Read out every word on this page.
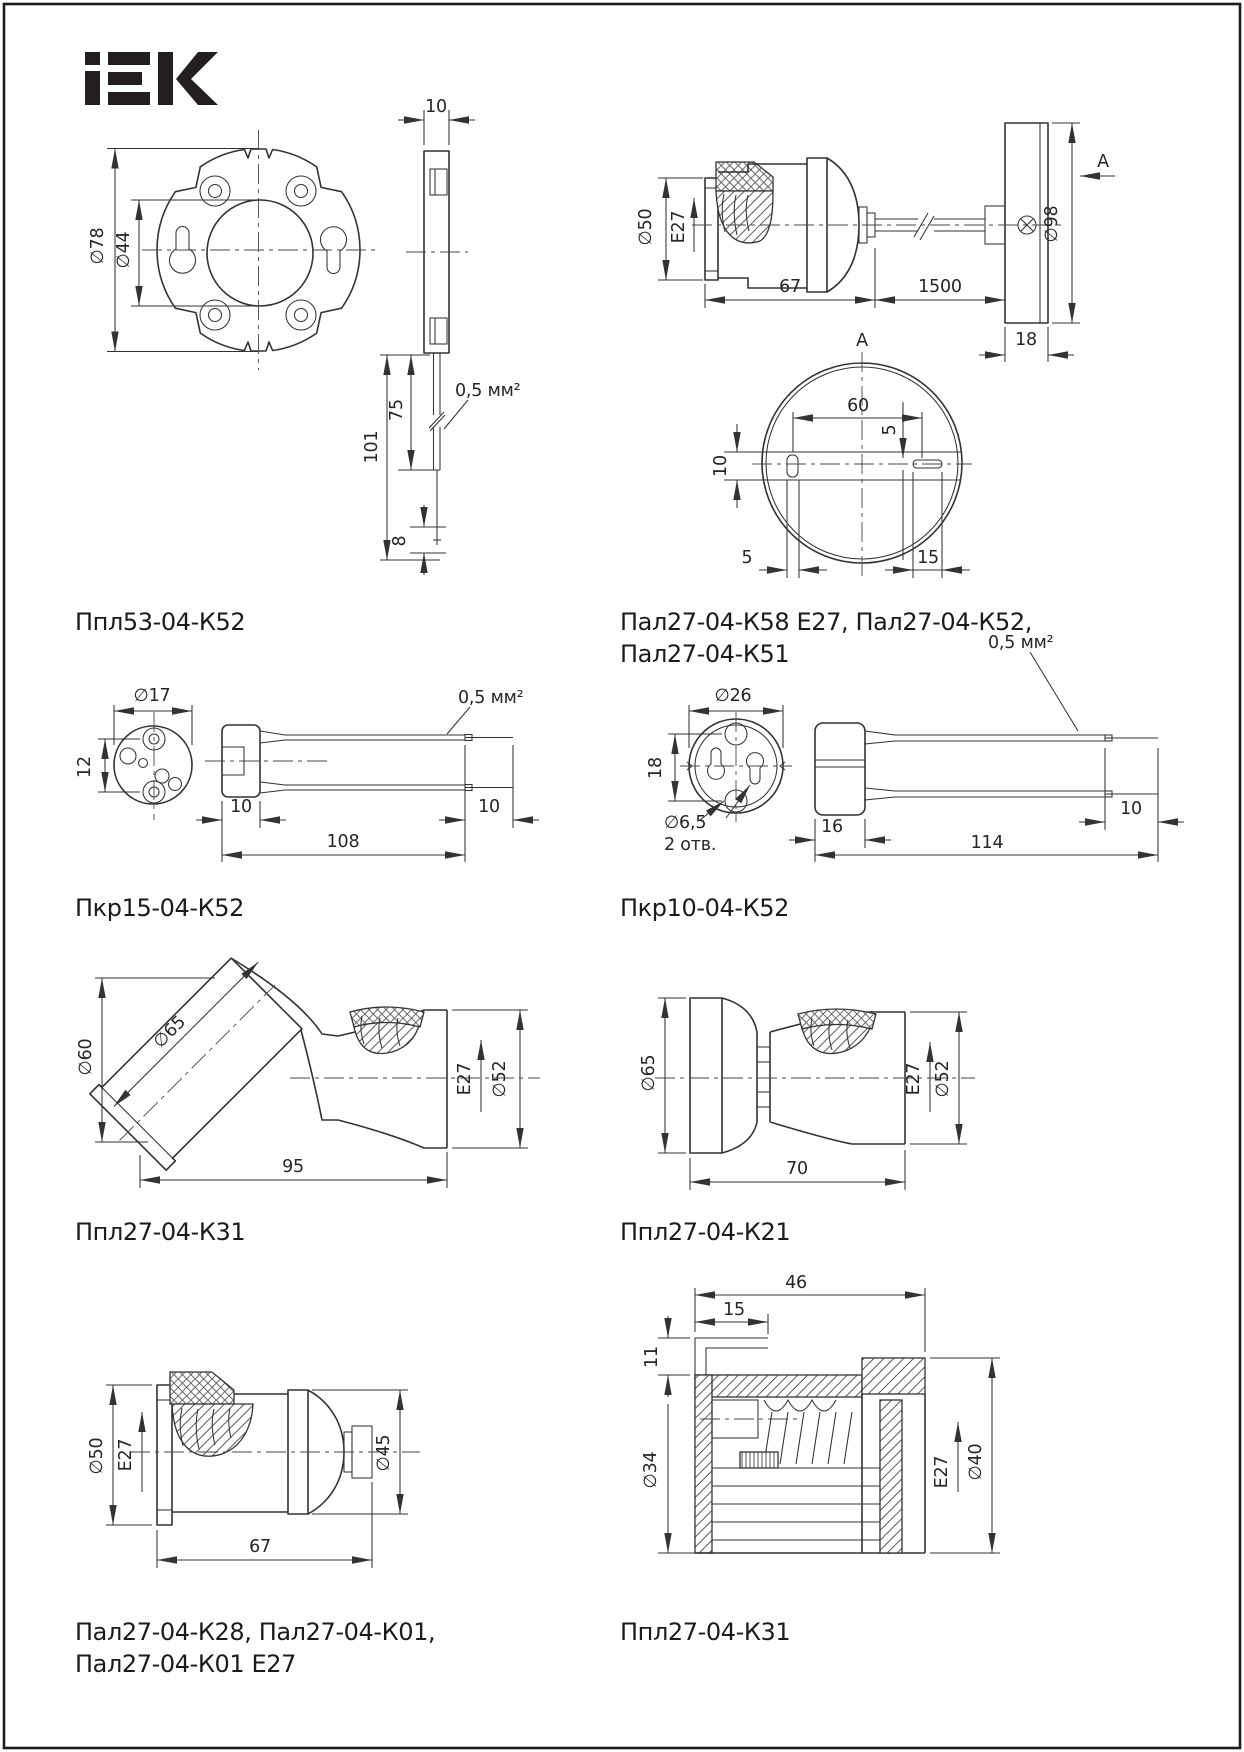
∅78 ∅44
10
101
75
8
0,5 мм²
Ппл53-04-К52
∅50 E27
67	1500
18
∅98
A
A
60
5
10
5	15
Пал27-04-К58 Е27, Пал27-04-К52,
Пал27-04-К51
∅17
12
10
108
10
0,5 мм²
Пкр15-04-К52
∅26
18
∅6,5
2 отв.
16
114
10
0,5 мм²
Пкр10-04-К52
∅65
∅60
E27 ∅52
95
Ппл27-04-К31
∅65	E27 ∅52
70
Ппл27-04-К21
∅50 E27	∅45
67
Пал27-04-К28, Пал27-04-К01,
Пал27-04-К01 Е27
46
15
11
∅34	E27 ∅40
Ппл27-04-К31
